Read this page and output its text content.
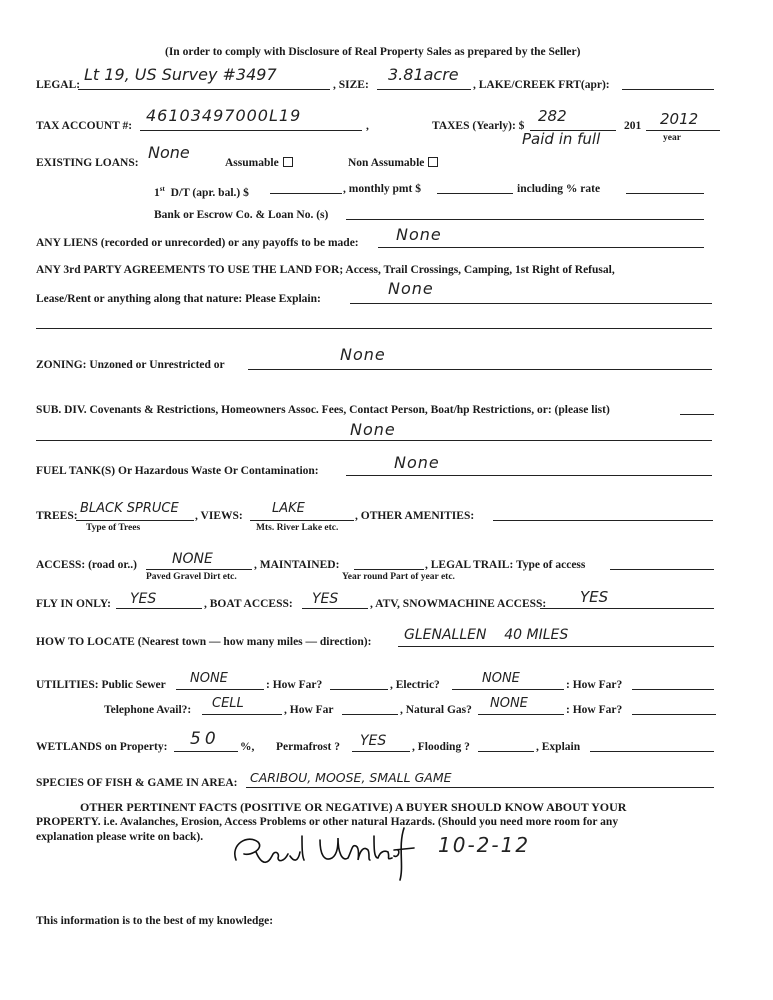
(In order to comply with Disclosure of Real Property Sales as prepared by the Seller)
LEGAL:
Lt 19, US Survey #3497
, SIZE:
3.81acre
, LAKE/CREEK FRT(apr):
TAX ACCOUNT #:
46103497000L19
,	TAXES (Yearly): $
282
201 2012
year
Paid in full
EXISTING LOANS:
None
Assumable	Non Assumable
1st D/T (apr. bal.) $	, monthly pmt $	including % rate
Bank or Escrow Co. & Loan No. (s)
ANY LIENS (recorded or unrecorded) or any payoffs to be made: None
ANY 3rd PARTY AGREEMENTS TO USE THE LAND FOR; Access, Trail Crossings, Camping, 1st Right of Refusal,
Lease/Rent or anything along that nature: Please Explain:
None
ZONING: Unzoned or Unrestricted or
None
SUB. DIV. Covenants & Restrictions, Homeowners Assoc. Fees, Contact Person, Boat/hp Restrictions, or: (please list)
None
FUEL TANK(S) Or Hazardous Waste Or Contamination:	None
TREES: BLACK SPRUCE
Type of Trees
, VIEWS: LAKE
Mts. River Lake etc.
, OTHER AMENITIES:
ACCESS: (road or..)	NONE
Paved Gravel Dirt etc.
, MAINTAINED:
Year round Part of year etc.
, LEGAL TRAIL: Type of access
FLY IN ONLY: YES	, BOAT ACCESS: YES	, ATV, SNOWMACHINE ACCESS: YES
HOW TO LOCATE (Nearest town — how many miles — direction): GLENALLEN    40 MILES
UTILITIES: Public Sewer NONE	: How Far?	, Electric?	NONE	: How Far?
Telephone Avail?: CELL	, How Far	, Natural Gas? NONE	: How Far?
WETLANDS on Property: 50 %, Permafrost ? YES , Flooding ?	, Explain
SPECIES OF FISH & GAME IN AREA: CARIBOU, MOOSE, SMALL GAME
OTHER PERTINENT FACTS (POSITIVE OR NEGATIVE) A BUYER SHOULD KNOW ABOUT YOUR
PROPERTY. i.e. Avalanches, Erosion, Access Problems or other natural Hazards. (Should you need more room for any
explanation please write on back).	10-2-12
This information is to the best of my knowledge:
